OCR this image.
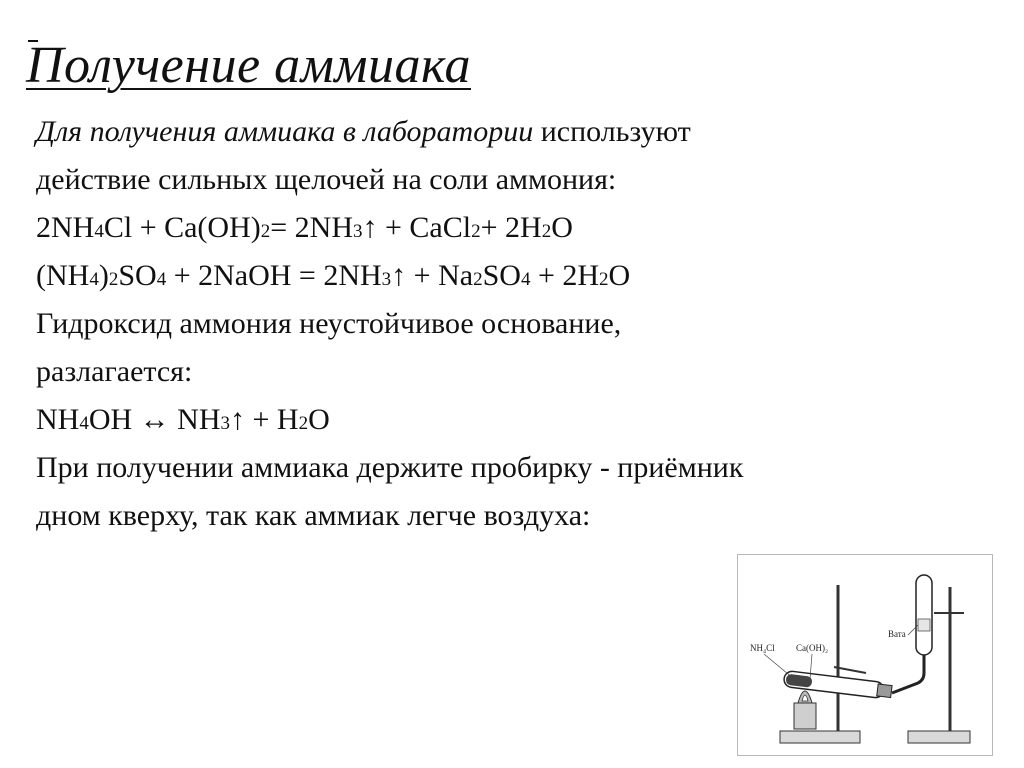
Получение аммиака
Для получения аммиака в лаборатории используют
действие сильных щелочей на соли аммония:
2NH4Cl + Ca(OH)2= 2NH3↑ + CaCl2+ 2H2O
(NH4)2SO4 + 2NaOH = 2NH3↑ + Na2SO4 + 2H2O
Гидроксид аммония неустойчивое основание,
разлагается:
NH4OH ↔ NH3↑ + H2O
При получении аммиака держите пробирку - приёмник
дном кверху, так как аммиак легче воздуха:
NH₄Cl Ca(OH)₂
Вата
